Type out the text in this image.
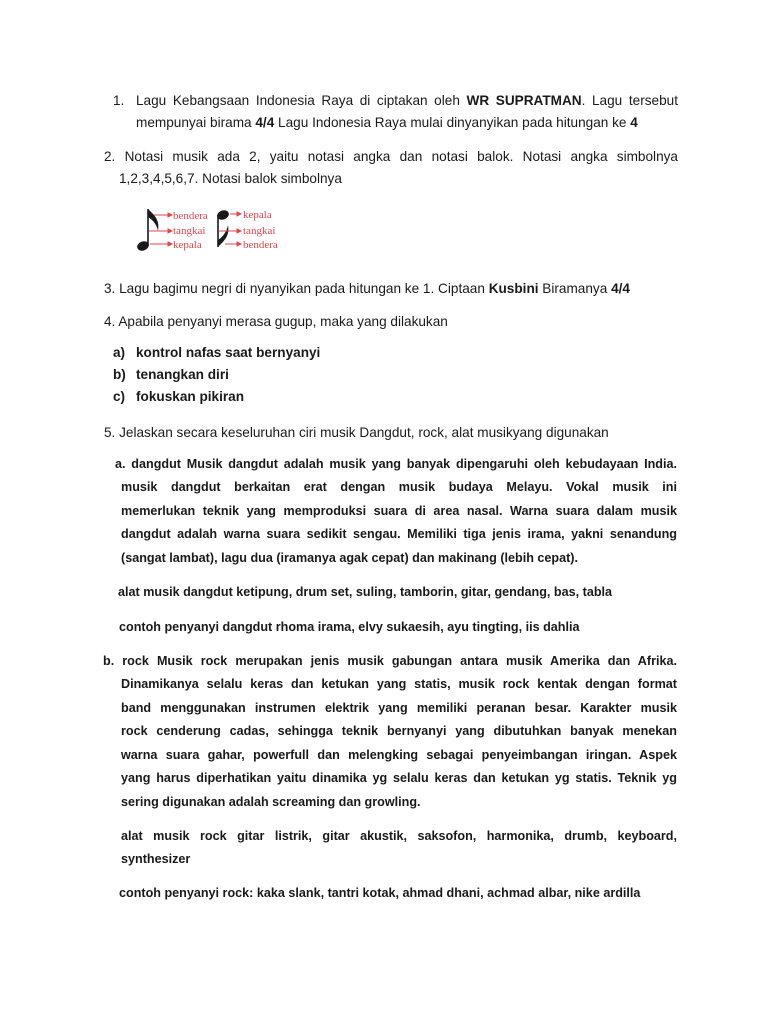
1. Lagu Kebangsaan Indonesia Raya di ciptakan oleh WR SUPRATMAN. Lagu tersebut
mempunyai birama 4/4 Lagu Indonesia Raya mulai dinyanyikan pada hitungan ke 4
2. Notasi musik ada 2, yaitu notasi angka dan notasi balok. Notasi angka simbolnya
1,2,3,4,5,6,7. Notasi balok simbolnya
bendera
tangkai
kepala
kepala
tangkai
bendera
3. Lagu bagimu negri di nyanyikan pada hitungan ke 1. Ciptaan Kusbini Biramanya 4/4
4. Apabila penyanyi merasa gugup, maka yang dilakukan
a) kontrol nafas saat bernyanyi
b) tenangkan diri
c) fokuskan pikiran
5. Jelaskan secara keseluruhan ciri musik Dangdut, rock, alat musikyang digunakan
a. dangdut Musik dangdut adalah musik yang banyak dipengaruhi oleh kebudayaan India.
musik dangdut berkaitan erat dengan musik budaya Melayu. Vokal musik ini
memerlukan teknik yang memproduksi suara di area nasal. Warna suara dalam musik
dangdut adalah warna suara sedikit sengau. Memiliki tiga jenis irama, yakni senandung
(sangat lambat), lagu dua (iramanya agak cepat) dan makinang (lebih cepat).
alat musik dangdut ketipung, drum set, suling, tamborin, gitar, gendang, bas, tabla
contoh penyanyi dangdut rhoma irama, elvy sukaesih, ayu tingting, iis dahlia
b. rock Musik rock merupakan jenis musik gabungan antara musik Amerika dan Afrika.
Dinamikanya selalu keras dan ketukan yang statis, musik rock kentak dengan format
band menggunakan instrumen elektrik yang memiliki peranan besar. Karakter musik
rock cenderung cadas, sehingga teknik bernyanyi yang dibutuhkan banyak menekan
warna suara gahar, powerfull dan melengking sebagai penyeimbangan iringan. Aspek
yang harus diperhatikan yaitu dinamika yg selalu keras dan ketukan yg statis. Teknik yg
sering digunakan adalah screaming dan growling.
alat musik rock gitar listrik, gitar akustik, saksofon, harmonika, drumb, keyboard,
synthesizer
contoh penyanyi rock: kaka slank, tantri kotak, ahmad dhani, achmad albar, nike ardilla
